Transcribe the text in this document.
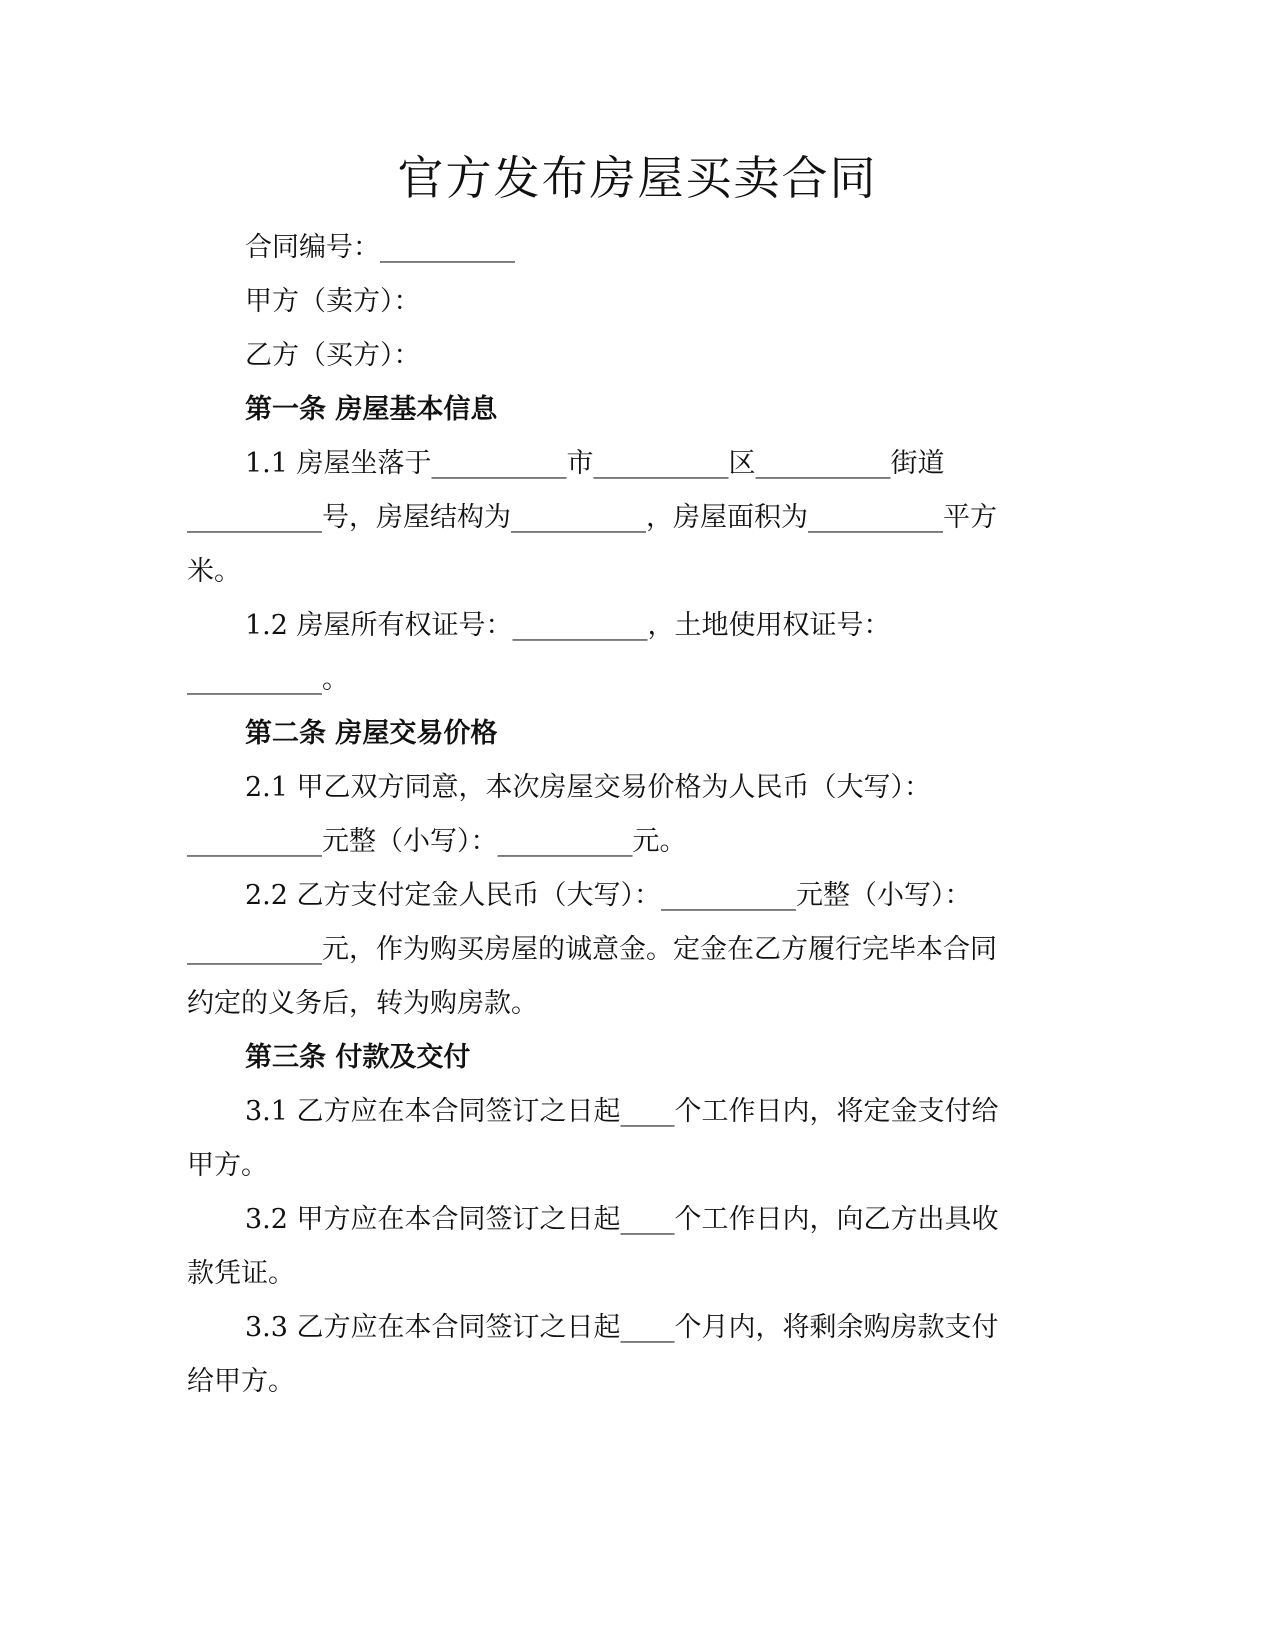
官方发布房屋买卖合同
合同编号：__________
甲方（卖方）：
乙方（买方）：
第一条 房屋基本信息
1.1 房屋坐落于__________市__________区__________街道
__________号，房屋结构为__________，房屋面积为__________平方
米。
1.2 房屋所有权证号：__________，土地使用权证号：
__________。
第二条 房屋交易价格
2.1 甲乙双方同意，本次房屋交易价格为人民币（大写）：
__________元整（小写）：__________元。
2.2 乙方支付定金人民币（大写）：__________元整（小写）：
__________元，作为购买房屋的诚意金。定金在乙方履行完毕本合同
约定的义务后，转为购房款。
第三条 付款及交付
3.1 乙方应在本合同签订之日起____个工作日内，将定金支付给
甲方。
3.2 甲方应在本合同签订之日起____个工作日内，向乙方出具收
款凭证。
3.3 乙方应在本合同签订之日起____个月内，将剩余购房款支付
给甲方。
